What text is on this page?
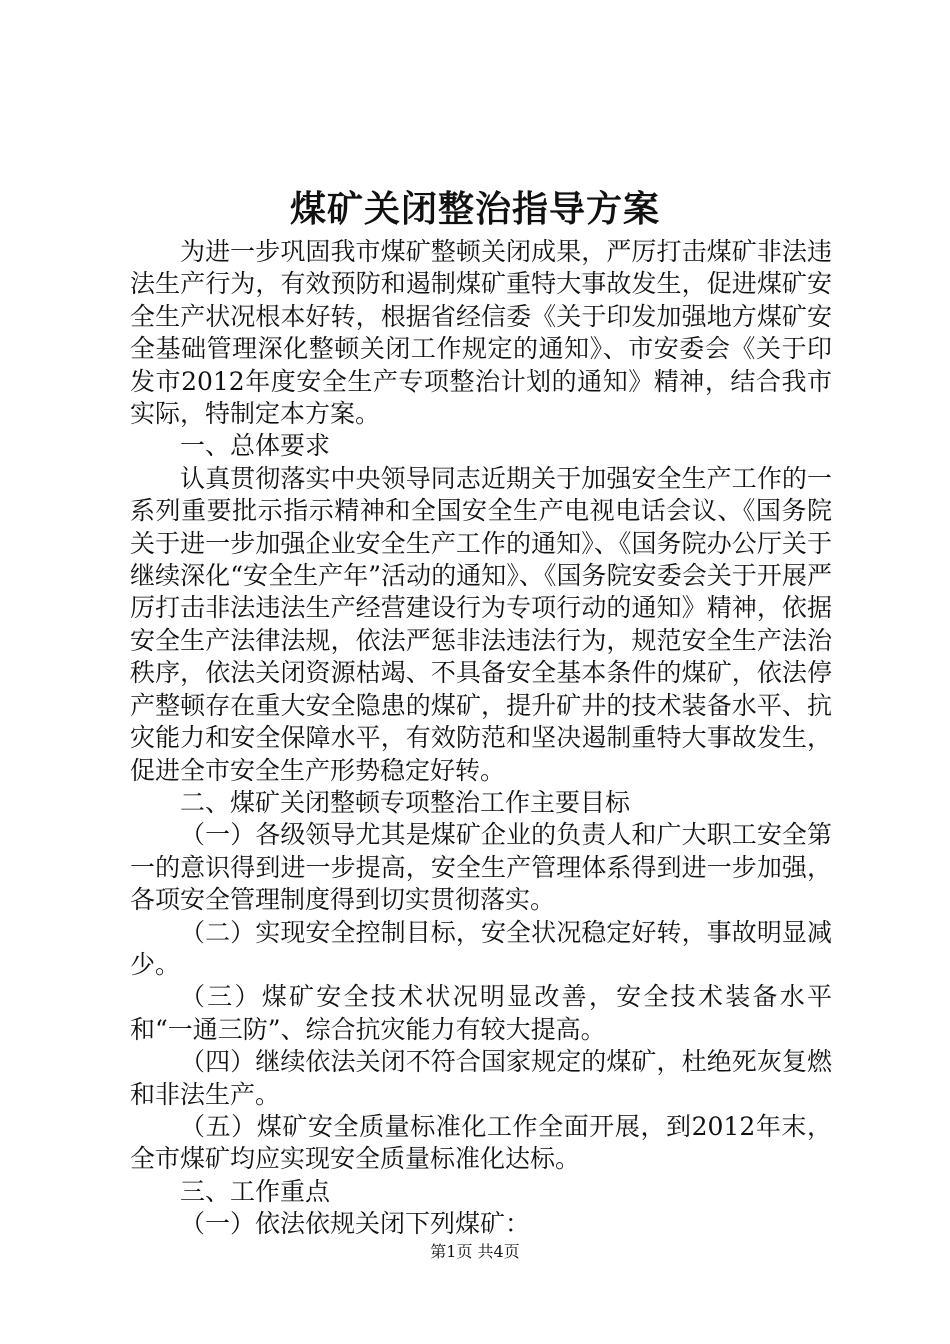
煤矿关闭整治指导方案

为进一步巩固我市煤矿整顿关闭成果，严厉打击煤矿非法违法生产行为，有效预防和遏制煤矿重特大事故发生，促进煤矿安全生产状况根本好转，根据省经信委《关于印发加强地方煤矿安全基础管理深化整顿关闭工作规定的通知》、市安委会《关于印发市2012年度安全生产专项整治计划的通知》精神，结合我市实际，特制定本方案。

一、总体要求

认真贯彻落实中央领导同志近期关于加强安全生产工作的一系列重要批示指示精神和全国安全生产电视电话会议、《国务院关于进一步加强企业安全生产工作的通知》、《国务院办公厅关于继续深化“安全生产年”活动的通知》、《国务院安委会关于开展严厉打击非法违法生产经营建设行为专项行动的通知》精神，依据安全生产法律法规，依法严惩非法违法行为，规范安全生产法治秩序，依法关闭资源枯竭、不具备安全基本条件的煤矿，依法停产整顿存在重大安全隐患的煤矿，提升矿井的技术装备水平、抗灾能力和安全保障水平，有效防范和坚决遏制重特大事故发生，促进全市安全生产形势稳定好转。

二、煤矿关闭整顿专项整治工作主要目标

（一）各级领导尤其是煤矿企业的负责人和广大职工安全第一的意识得到进一步提高，安全生产管理体系得到进一步加强，各项安全管理制度得到切实贯彻落实。

（二）实现安全控制目标，安全状况稳定好转，事故明显减少。

（三）煤矿安全技术状况明显改善，安全技术装备水平和“一通三防”、综合抗灾能力有较大提高。

（四）继续依法关闭不符合国家规定的煤矿，杜绝死灰复燃和非法生产。

（五）煤矿安全质量标准化工作全面开展，到2012年末，全市煤矿均应实现安全质量标准化达标。

三、工作重点

（一）依法依规关闭下列煤矿：

第1页 共4页
